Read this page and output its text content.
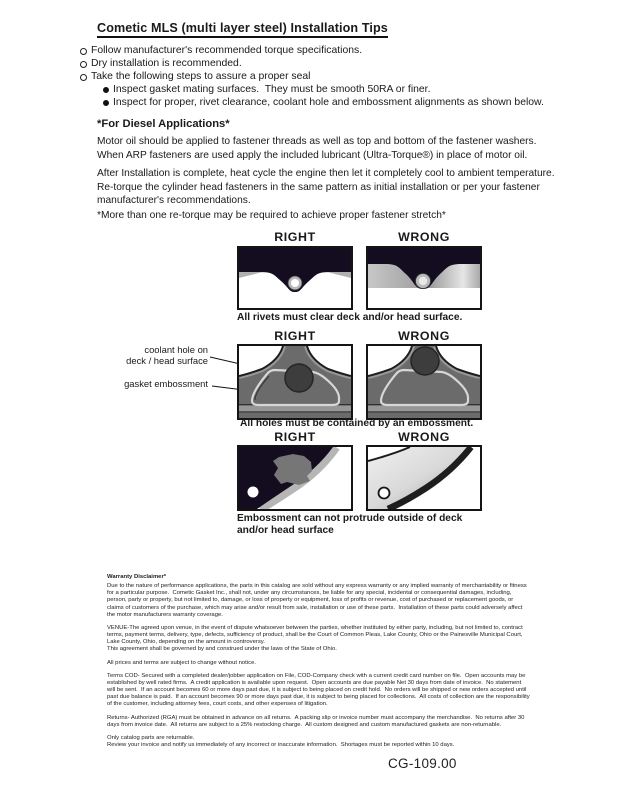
Cometic MLS (multi layer steel) Installation Tips
Follow manufacturer's recommended torque specifications.
Dry installation is recommended.
Take the following steps to assure a proper seal
Inspect gasket mating surfaces.  They must be smooth 50RA or finer.
Inspect for proper, rivet clearance, coolant hole and embossment alignments as shown below.
*For Diesel Applications*
Motor oil should be applied to fastener threads as well as top and bottom of the fastener washers. When ARP fasteners are used apply the included lubricant (Ultra-Torque®) in place of motor oil.
After Installation is complete, heat cycle the engine then let it completely cool to ambient temperature. Re-torque the cylinder head fasteners in the same pattern as initial installation or per your fastener manufacturer's recommendations.
*More than one re-torque may be required to achieve proper fastener stretch*
RIGHT	WRONG
All rivets must clear deck and/or head surface.
RIGHT	WRONG
coolant hole on
deck / head surface
gasket embossment
All holes must be contained by an embossment.
RIGHT	WRONG
Embossment can not protrude outside of deck
and/or head surface
Warranty Disclaimer*

Due to the nature of performance applications, the parts in this catalog are sold without any express warranty or any implied warranty of merchantability or fitness for a particular purpose.  Cometic Gasket Inc., shall not, under any circumstances, be liable for any special, incidental or consequential damages, including, person, party or property, but not limited to, damage, or loss of property or equipment, loss of profits or revenue, cost of purchased or replacement goods, or claims of customers of the purchase, which may arise and/or result from sale, installation or use of these parts.  Installation of these parts could adversely affect the motor manufacturers warranty coverage.

VENUE-The agreed upon venue, in the event of dispute whatsoever between the parties, whether instituted by either party, including, but not limited to, contract terms, payment terms, delivery, type, defects, sufficiency of product, shall be the Court of Common Pleas, Lake County, Ohio or the Painesville Municipal Court, Lake County, Ohio, depending on the amount in controversy.

This agreement shall be governed by and construed under the laws of the State of Ohio.

All prices and terms are subject to change without notice.

Terms COD- Secured with a completed dealer/jobber application on File, COD-Company check with a current credit card number on file.  Open accounts may be established by well rated firms.  A credit application is available upon request.  Open accounts are due payable Net 30 days from date of invoice.  No statement will be sent.  If an account becomes 60 or more days past due, it is subject to being placed on credit hold.  No orders will be shipped or new orders accepted until past due balance is paid.  If an account becomes 90 or more days past due, it is subject to being placed for collections.  All costs of collection are the responsibility of the customer, including attorney fees, court costs, and other expenses of litigation.

Returns- Authorized (RGA) must be obtained in advance on all returns.  A packing slip or invoice number must accompany the merchandise.  No returns after 30 days from invoice date.  All returns are subject to a 25% restocking charge.  All custom designed and custom manufactured gaskets are non-returnable.

Only catalog parts are returnable.

Review your invoice and notify us immediately of any incorrect or inaccurate information.  Shortages must be reported within 10 days.

CG-109.00
